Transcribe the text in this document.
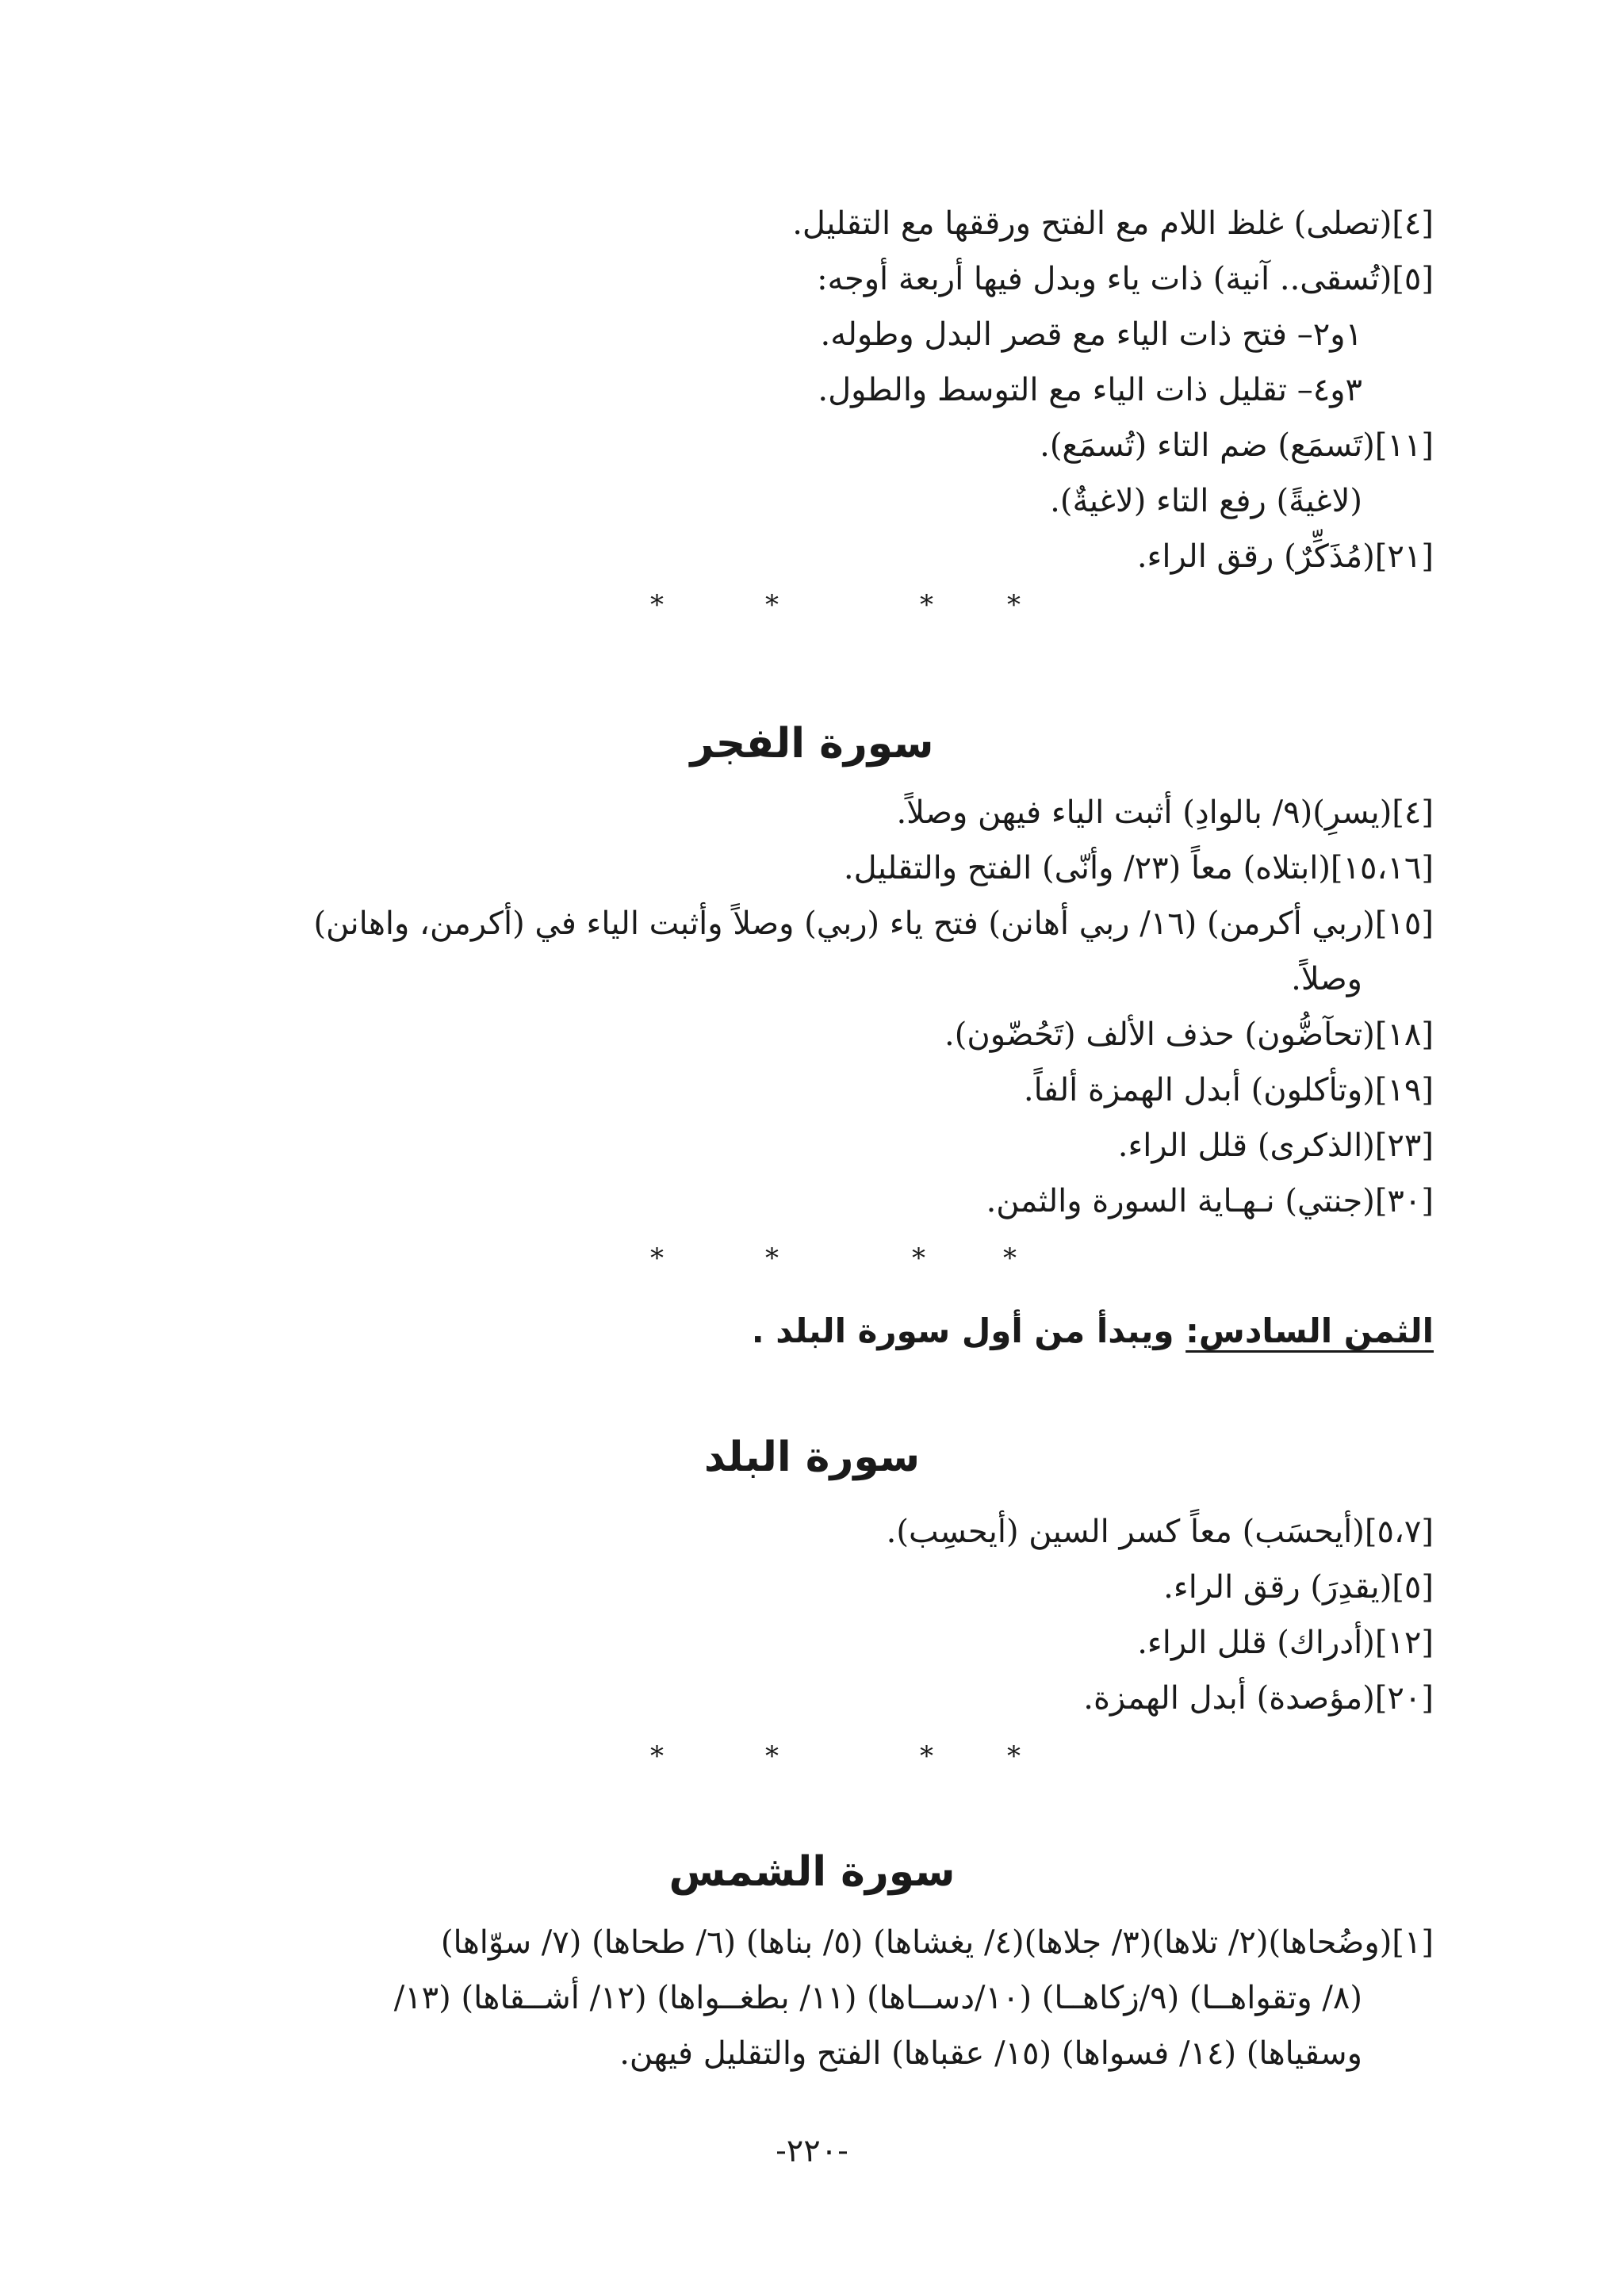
[٤](تصلى) غلظ اللام مع الفتح ورققها مع التقليل.
[٥](تُسقى.. آنية) ذات ياء وبدل فيها أربعة أوجه:
١و٢– فتح ذات الياء مع قصر البدل وطوله.
٣و٤– تقليل ذات الياء مع التوسط والطول.
[١١](تَسمَع) ضم التاء (تُسمَع).
(لاغيةً) رفع التاء (لاغيةٌ).
[٢١](مُذَكِّرٌ) رقق الراء.
*	*	*	*
سورة الفجر
[٤](يسرِ)(٩/ بالوادِ) أثبت الياء فيهن وصلاً.
[١٥،١٦](ابتلاه) معاً (٢٣/ وأنّى) الفتح والتقليل.
[١٥](ربي أكرمن) (١٦/ ربي أهانن) فتح ياء (ربي) وصلاً وأثبت الياء في (أكرمن، واهانن)
وصلاً.
[١٨](تحآضُّون) حذف الألف (تَحُضّون).
[١٩](وتأكلون) أبدل الهمزة ألفاً.
[٢٣](الذكرى) قلل الراء.
[٣٠](جنتي) نـهـاية السورة والثمن.
*	*	*	*
الثمن السادس: ويبدأ من أول سورة البلد .
سورة البلد
[٥،٧](أيحسَب) معاً كسر السين (أيحسِب).
[٥](يقدِرَ) رقق الراء.
[١٢](أدراك) قلل الراء.
[٢٠](مؤصدة) أبدل الهمزة.
*	*	*	*
سورة الشمس
[١](وضُحاها)(٢/ تلاها)(٣/ جلاها)(٤/ يغشاها) (٥/ بناها) (٦/ طحاها) (٧/ سوّاها)
(٨/ وتقواهــا) (٩/زكاهــا) (١٠/دســاها) (١١/ بطغــواها) (١٢/ أشــقاها) (١٣/
وسقياها) (١٤/ فسواها) (١٥/ عقباها) الفتح والتقليل فيهن.
-٢٢٠-
